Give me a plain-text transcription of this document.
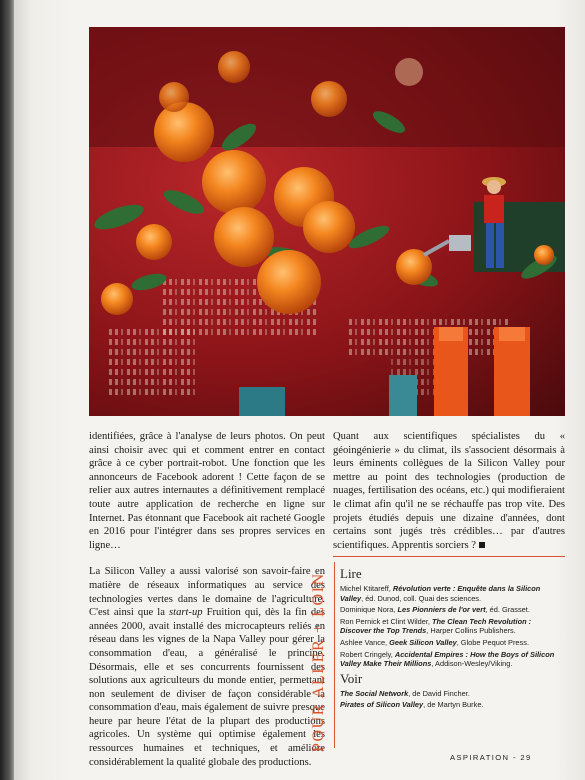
identifiées, grâce à l'analyse de leurs photos. On peut ainsi choisir avec qui et comment entrer en contact grâce à ce cyber portrait-robot. Une fonction que les annonceurs de Facebook adorent ! Cette façon de se relier aux autres internautes a définitivement remplacé toute autre application de recherche en ligne sur Internet. Pas étonnant que Facebook ait racheté Google en 2016 pour l'intégrer dans ses propres services en ligne…

La Silicon Valley a aussi valorisé son savoir-faire en matière de réseaux informatiques au service des technologies vertes dans le domaine de l'agriculture. C'est ainsi que la start-up Fruition qui, dès la fin des années 2000, avait installé des microcapteurs reliés en réseau dans les vignes de la Napa Valley pour gérer la consommation d'eau, a généralisé le principe. Désormais, elle et ses concurrents fournissent des solutions aux agriculteurs du monde entier, permettant non seulement de diviser de façon considérable la consommation d'eau, mais également de suivre presque heure par heure l'état de la plupart des productions agricoles. Un système qui optimise également les ressources humaines et techniques, et améliore considérablement la qualité globale des productions.

Quant aux scientifiques spécialistes du « géoingénierie » du climat, ils s'associent désormais à leurs éminents collègues de la Silicon Valley pour mettre au point des technologies (production de nuages, fertilisation des océans, etc.) qui modifieraient le climat afin qu'il ne se réchauffe pas trop vite. Des projets étudiés depuis une dizaine d'années, dont certains sont jugés très crédibles… par d'autres scientifiques. Apprentis sorciers ?

POUR ALLER + LOIN	Lire

Michel Ktitareff, Révolution verte : Enquête dans la Silicon Valley, éd. Dunod, coll. Quai des sciences.

Dominique Nora, Les Pionniers de l'or vert, éd. Grasset.

Ron Pernick et Clint Wilder, The Clean Tech Revolution : Discover the Top Trends, Harper Collins Publishers.

Ashlee Vance, Geek Silicon Valley, Globe Pequot Press.

Robert Cringely, Accidental Empires : How the Boys of Silicon Valley Make Their Millions, Addison-Wesley/Viking.

Voir

The Social Network, de David Fincher.

Pirates of Silicon Valley, de Martyn Burke.

ASPIRATION - 29
